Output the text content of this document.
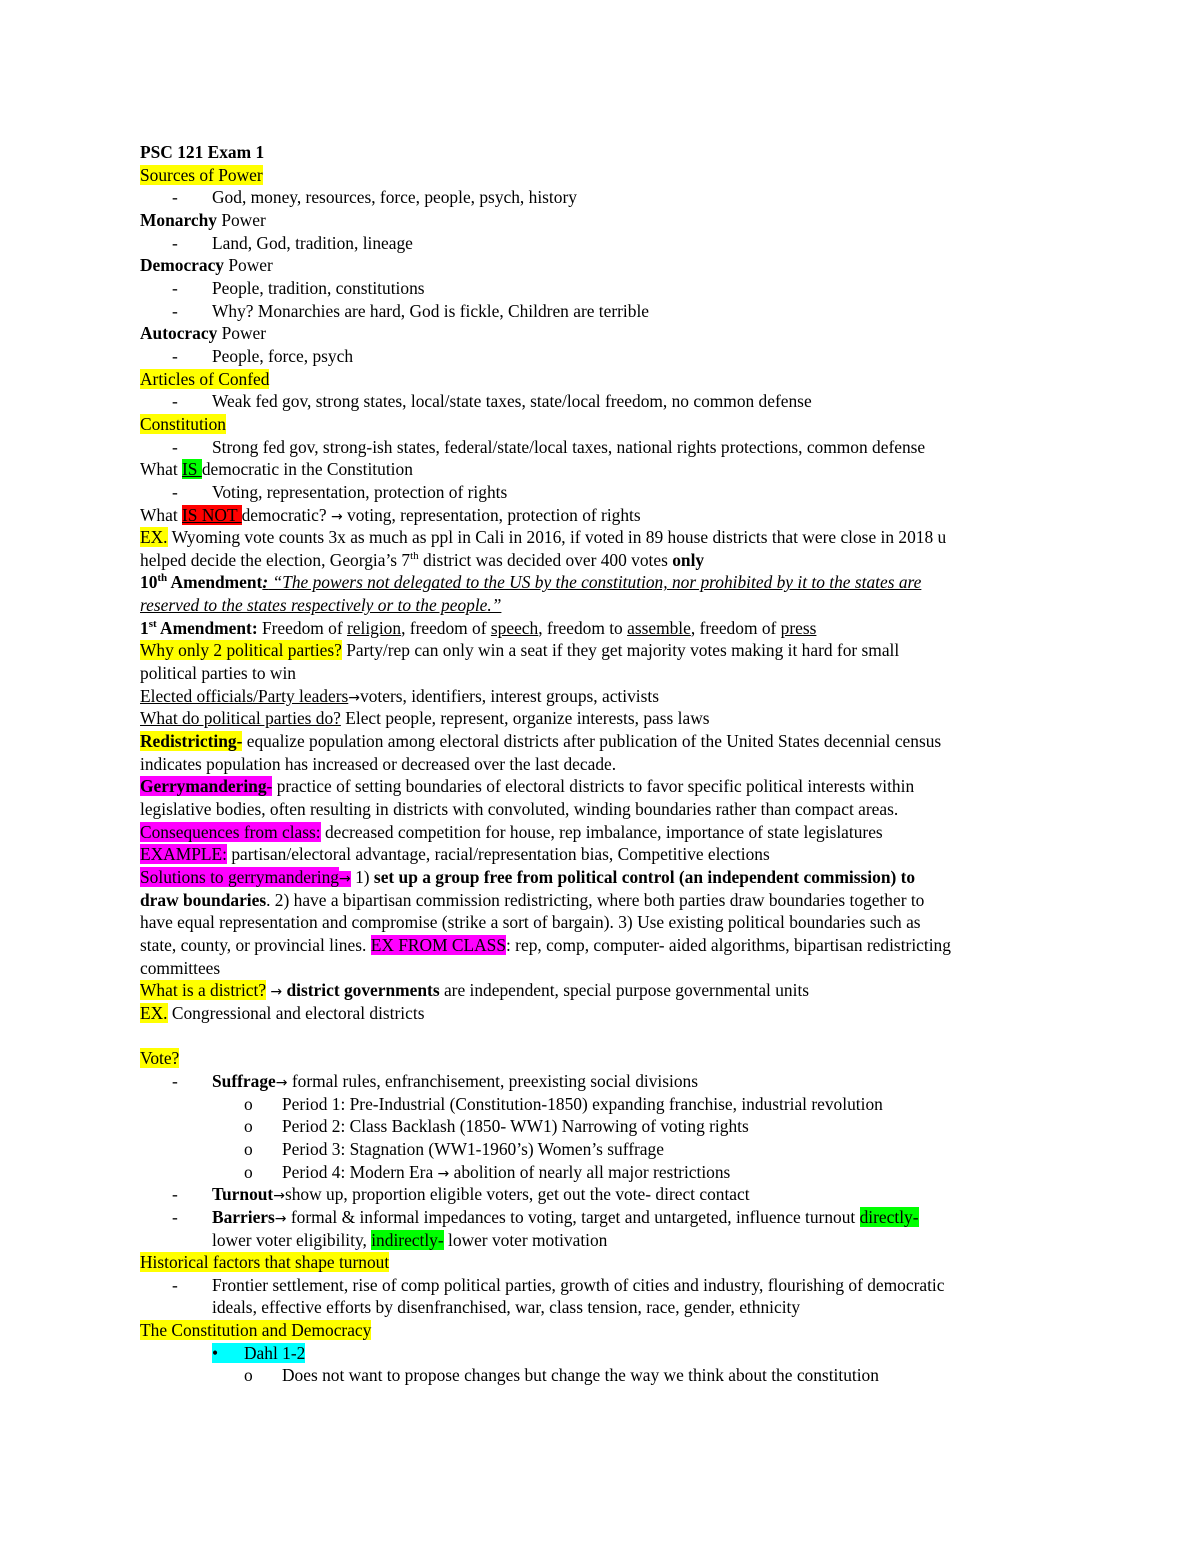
PSC 121 Exam 1
Sources of Power
- God, money, resources, force, people, psych, history
Monarchy Power
- Land, God, tradition, lineage
Democracy Power
- People, tradition, constitutions
- Why? Monarchies are hard, God is fickle, Children are terrible
Autocracy Power
- People, force, psych
Articles of Confed
- Weak fed gov, strong states, local/state taxes, state/local freedom, no common defense
Constitution
- Strong fed gov, strong-ish states, federal/state/local taxes, national rights protections, common defense
What IS democratic in the Constitution
- Voting, representation, protection of rights
What IS NOT democratic? → voting, representation, protection of rights
EX. Wyoming vote counts 3x as much as ppl in Cali in 2016, if voted in 89 house districts that were close in 2018 u
helped decide the election, Georgia’s 7th district was decided over 400 votes only
10th Amendment: “The powers not delegated to the US by the constitution, nor prohibited by it to the states are
reserved to the states respectively or to the people.”
1st Amendment: Freedom of religion, freedom of speech, freedom to assemble, freedom of press
Why only 2 political parties? Party/rep can only win a seat if they get majority votes making it hard for small
political parties to win
Elected officials/Party leaders→voters, identifiers, interest groups, activists
What do political parties do? Elect people, represent, organize interests, pass laws
Redistricting- equalize population among electoral districts after publication of the United States decennial census
indicates population has increased or decreased over the last decade.
Gerrymandering- practice of setting boundaries of electoral districts to favor specific political interests within
legislative bodies, often resulting in districts with convoluted, winding boundaries rather than compact areas.
Consequences from class: decreased competition for house, rep imbalance, importance of state legislatures
EXAMPLE: partisan/electoral advantage, racial/representation bias, Competitive elections
Solutions to gerrymandering→ 1) set up a group free from political control (an independent commission) to
draw boundaries. 2) have a bipartisan commission redistricting, where both parties draw boundaries together to
have equal representation and compromise (strike a sort of bargain). 3) Use existing political boundaries such as
state, county, or provincial lines. EX FROM CLASS: rep, comp, computer- aided algorithms, bipartisan redistricting
committees
What is a district? → district governments are independent, special purpose governmental units
EX. Congressional and electoral districts
Vote?
- Suffrage→ formal rules, enfranchisement, preexisting social divisions
o Period 1: Pre-Industrial (Constitution-1850) expanding franchise, industrial revolution
o Period 2: Class Backlash (1850- WW1) Narrowing of voting rights
o Period 3: Stagnation (WW1-1960’s) Women’s suffrage
o Period 4: Modern Era → abolition of nearly all major restrictions
- Turnout→show up, proportion eligible voters, get out the vote- direct contact
- Barriers→ formal & informal impedances to voting, target and untargeted, influence turnout directly-
lower voter eligibility, indirectly- lower voter motivation
Historical factors that shape turnout
- Frontier settlement, rise of comp political parties, growth of cities and industry, flourishing of democratic
ideals, effective efforts by disenfranchised, war, class tension, race, gender, ethnicity
The Constitution and Democracy
• Dahl 1-2
o Does not want to propose changes but change the way we think about the constitution
